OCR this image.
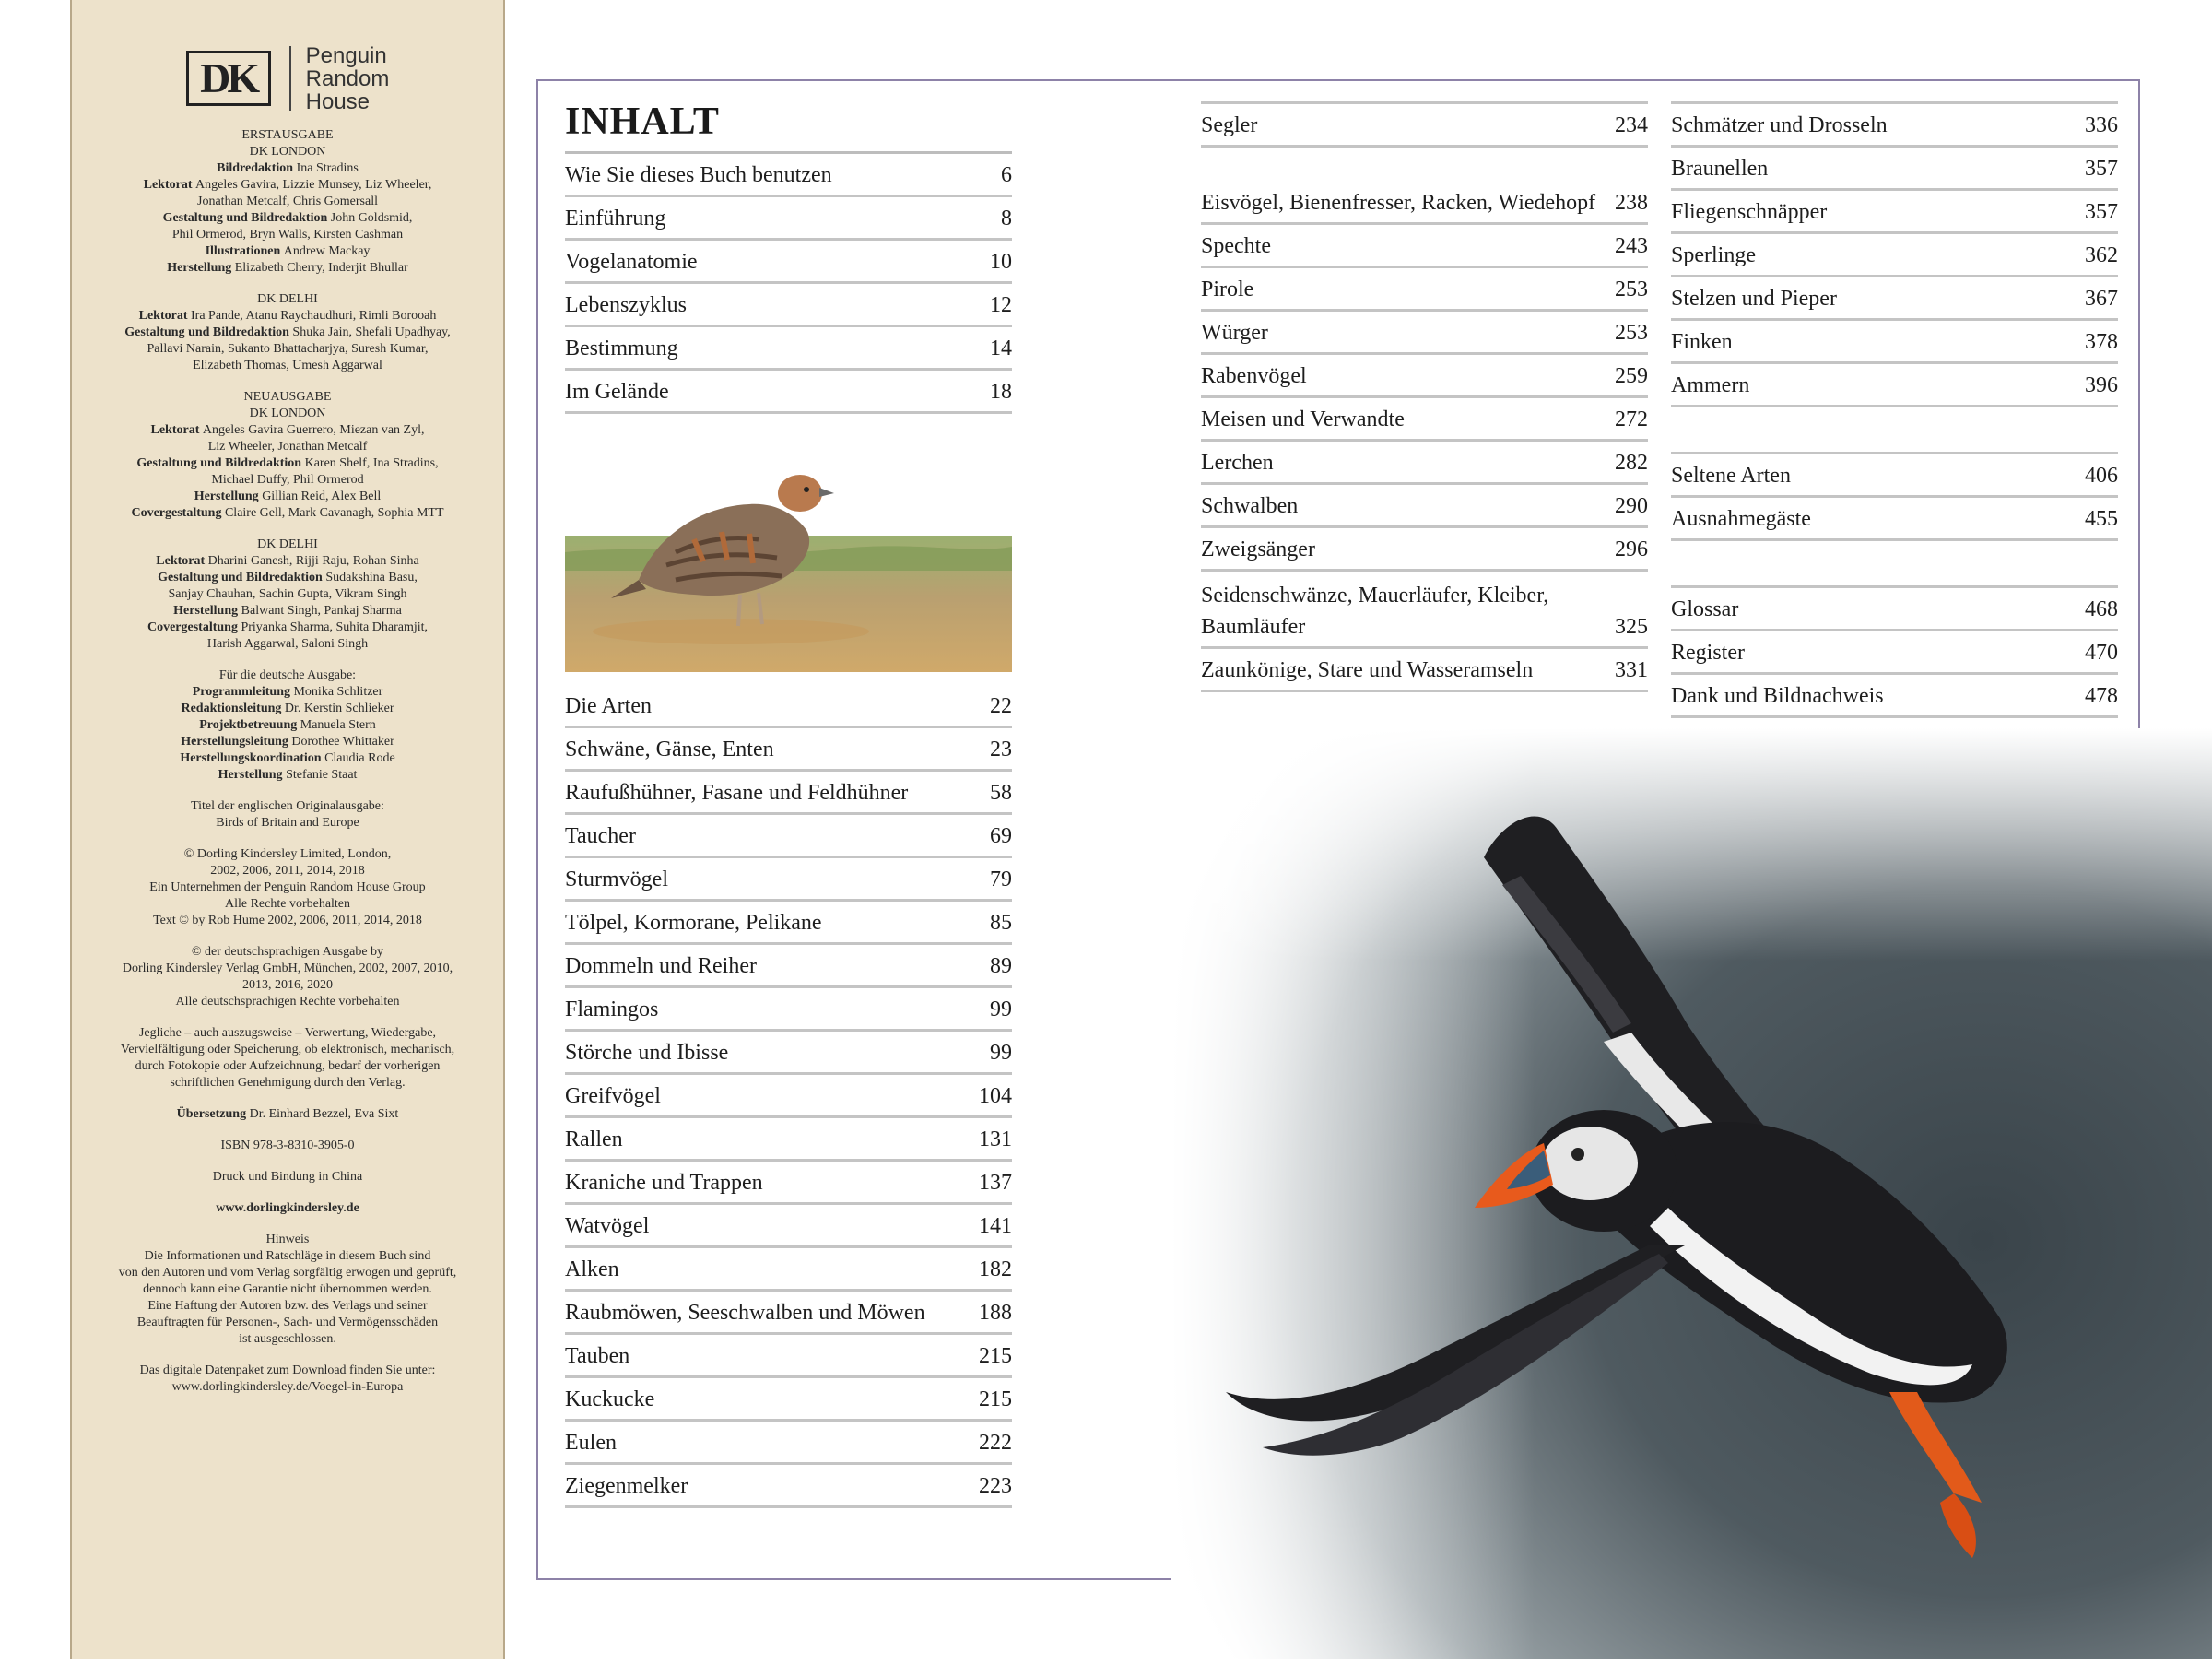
DK	Penguin
Random
House

ERSTAUSGABE
DK LONDON
Bildredaktion Ina Stradins
Lektorat Angeles Gavira, Lizzie Munsey, Liz Wheeler,
Jonathan Metcalf, Chris Gomersall
Gestaltung und Bildredaktion John Goldsmid,
Phil Ormerod, Bryn Walls, Kirsten Cashman
Illustrationen Andrew Mackay
Herstellung Elizabeth Cherry, Inderjit Bhullar

DK DELHI
Lektorat Ira Pande, Atanu Raychaudhuri, Rimli Borooah
Gestaltung und Bildredaktion Shuka Jain, Shefali Upadhyay,
Pallavi Narain, Sukanto Bhattacharjya, Suresh Kumar,
Elizabeth Thomas, Umesh Aggarwal

NEUAUSGABE
DK LONDON
Lektorat Angeles Gavira Guerrero, Miezan van Zyl,
Liz Wheeler, Jonathan Metcalf
Gestaltung und Bildredaktion Karen Shelf, Ina Stradins,
Michael Duffy, Phil Ormerod
Herstellung Gillian Reid, Alex Bell
Covergestaltung Claire Gell, Mark Cavanagh, Sophia MTT

DK DELHI
Lektorat Dharini Ganesh, Rijji Raju, Rohan Sinha
Gestaltung und Bildredaktion Sudakshina Basu,
Sanjay Chauhan, Sachin Gupta, Vikram Singh
Herstellung Balwant Singh, Pankaj Sharma
Covergestaltung Priyanka Sharma, Suhita Dharamjit,
Harish Aggarwal, Saloni Singh

Für die deutsche Ausgabe:
Programmleitung Monika Schlitzer
Redaktionsleitung Dr. Kerstin Schlieker
Projektbetreuung Manuela Stern
Herstellungsleitung Dorothee Whittaker
Herstellungskoordination Claudia Rode
Herstellung Stefanie Staat

Titel der englischen Originalausgabe:
Birds of Britain and Europe

© Dorling Kindersley Limited, London,
2002, 2006, 2011, 2014, 2018
Ein Unternehmen der Penguin Random House Group
Alle Rechte vorbehalten
Text © by Rob Hume 2002, 2006, 2011, 2014, 2018

© der deutschsprachigen Ausgabe by
Dorling Kindersley Verlag GmbH, München, 2002, 2007, 2010,
2013, 2016, 2020
Alle deutschsprachigen Rechte vorbehalten

Jegliche – auch auszugsweise – Verwertung, Wiedergabe,
Vervielfältigung oder Speicherung, ob elektronisch, mechanisch,
durch Fotokopie oder Aufzeichnung, bedarf der vorherigen
schriftlichen Genehmigung durch den Verlag.

Übersetzung Dr. Einhard Bezzel, Eva Sixt

ISBN 978-3-8310-3905-0

Druck und Bindung in China

www.dorlingkindersley.de

Hinweis
Die Informationen und Ratschläge in diesem Buch sind
von den Autoren und vom Verlag sorgfältig erwogen und geprüft,
dennoch kann eine Garantie nicht übernommen werden.
Eine Haftung der Autoren bzw. des Verlags und seiner
Beauftragten für Personen-, Sach- und Vermögensschäden
ist ausgeschlossen.

Das digitale Datenpaket zum Download finden Sie unter:
www.dorlingkindersley.de/Voegel-in-Europa

INHALT
Wie Sie dieses Buch benutzen	6
Einführung	8
Vogelanatomie	10
Lebenszyklus	12
Bestimmung	14
Im Gelände	18
Die Arten	22
Schwäne, Gänse, Enten	23
Raufußhühner, Fasane und Feldhühner	58
Taucher	69
Sturmvögel	79
Tölpel, Kormorane, Pelikane	85
Dommeln und Reiher	89
Flamingos	99
Störche und Ibisse	99
Greifvögel	104
Rallen	131
Kraniche und Trappen	137
Watvögel	141
Alken	182
Raubmöwen, Seeschwalben und Möwen	188
Tauben	215
Kuckucke	215
Eulen	222
Ziegenmelker	223
Segler	234
Eisvögel, Bienenfresser, Racken, Wiedehopf 238
Spechte	243
Pirole	253
Würger	253
Rabenvögel	259
Meisen und Verwandte	272
Lerchen	282
Schwalben	290
Zweigsänger	296
Seidenschwänze, Mauerläufer, Kleiber, Baumläufer	325
Zaunkönige, Stare und Wasseramseln	331
Schmätzer und Drosseln	336
Braunellen	357
Fliegenschnäpper	357
Sperlinge	362
Stelzen und Pieper	367
Finken	378
Ammern	396
Seltene Arten	406
Ausnahmegäste	455
Glossar	468
Register	470
Dank und Bildnachweis	478
